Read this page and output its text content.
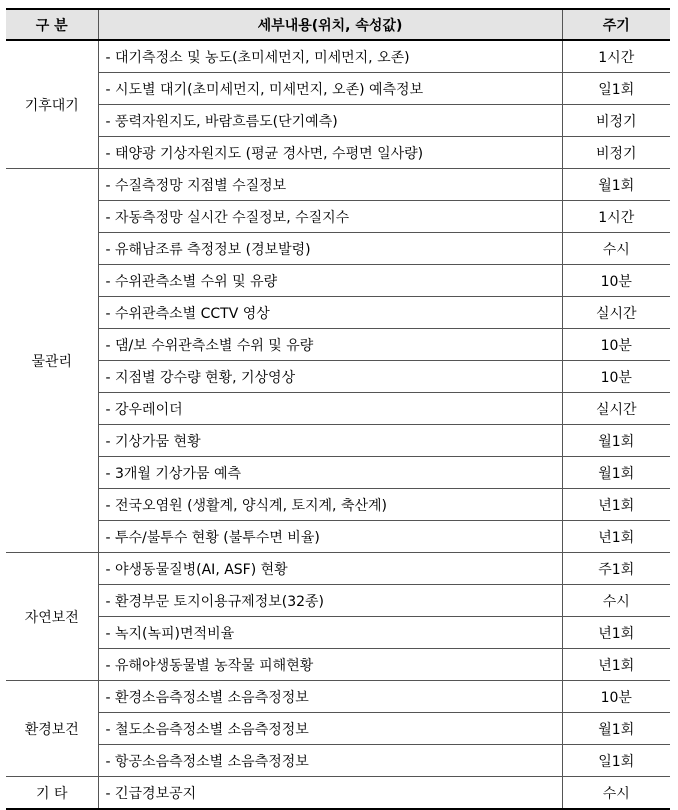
구 분	세부내용(위치, 속성값)	주기
기후대기	- 대기측정소 및 농도(초미세먼지, 미세먼지, 오존)	1시간
	- 시도별 대기(초미세먼지, 미세먼지, 오존) 예측정보	일1회
	- 풍력자원지도, 바람흐름도(단기예측)	비정기
	- 태양광 기상자원지도 (평균 경사면, 수평면 일사량)	비정기
물관리	- 수질측정망 지점별 수질정보	월1회
	- 자동측정망 실시간 수질정보, 수질지수	1시간
	- 유해남조류 측정정보 (경보발령)	수시
	- 수위관측소별 수위 및 유량	10분
	- 수위관측소별 CCTV 영상	실시간
	- 댐/보 수위관측소별 수위 및 유량	10분
	- 지점별 강수량 현황, 기상영상	10분
	- 강우레이더	실시간
	- 기상가뭄 현황	월1회
	- 3개월 기상가뭄 예측	월1회
	- 전국오염원 (생활계, 양식계, 토지계, 축산계)	년1회
	- 투수/불투수 현황 (불투수면 비율)	년1회
자연보전	- 야생동물질병(AI, ASF) 현황	주1회
	- 환경부문 토지이용규제정보(32종)	수시
	- 녹지(녹피)면적비율	년1회
	- 유해야생동물별 농작물 피해현황	년1회
환경보건	- 환경소음측정소별 소음측정정보	10분
	- 철도소음측정소별 소음측정정보	월1회
	- 항공소음측정소별 소음측정정보	일1회
기 타	- 긴급경보공지	수시
